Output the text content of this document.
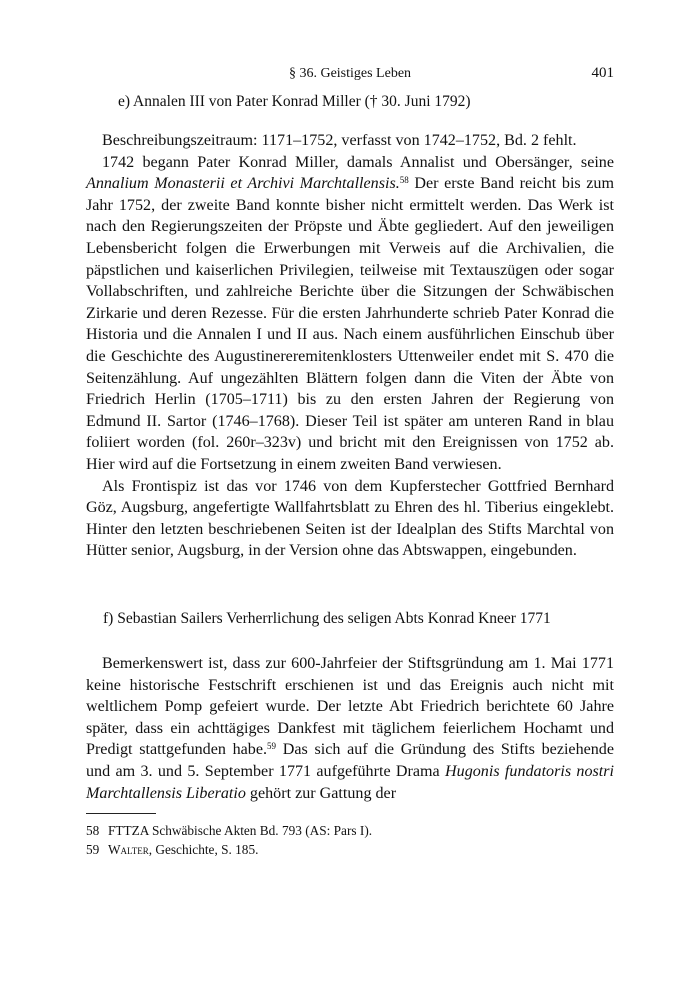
§ 36. Geistiges Leben	401
e) Annalen III von Pater Konrad Miller († 30. Juni 1792)

Beschreibungszeitraum: 1171–1752, verfasst von 1742–1752, Bd. 2 fehlt.

1742 begann Pater Konrad Miller, damals Annalist und Obersänger, seine Annalium Monasterii et Archivi Marchtallensis.$^{58}$ Der erste Band reicht bis zum Jahr 1752, der zweite Band konnte bisher nicht ermittelt werden. Das Werk ist nach den Regierungszeiten der Pröpste und Äbte gegliedert. Auf den jeweiligen Lebensbericht folgen die Erwerbungen mit Verweis auf die Archivalien, die päpstlichen und kaiserlichen Privilegien, teilweise mit Textauszügen oder sogar Vollabschriften, und zahlreiche Berichte über die Sitzungen der Schwäbischen Zirkarie und deren Rezesse. Für die ersten Jahrhunderte schrieb Pater Konrad die Historia und die Annalen I und II aus. Nach einem ausführlichen Einschub über die Geschichte des Augustinereremitenklosters Uttenweiler endet mit S. 470 die Seitenzählung. Auf ungezählten Blättern folgen dann die Viten der Äbte von Friedrich Herlin (1705–1711) bis zu den ersten Jahren der Regierung von Edmund II. Sartor (1746–1768). Dieser Teil ist später am unteren Rand in blau foliiert worden (fol. 260r–323v) und bricht mit den Ereignissen von 1752 ab. Hier wird auf die Fortsetzung in einem zweiten Band verwiesen.

Als Frontispiz ist das vor 1746 von dem Kupferstecher Gottfried Bernhard Göz, Augsburg, angefertigte Wallfahrtsblatt zu Ehren des hl. Tiberius eingeklebt. Hinter den letzten beschriebenen Seiten ist der Idealplan des Stifts Marchtal von Hütter senior, Augsburg, in der Version ohne das Abtswappen, eingebunden.

f) Sebastian Sailers Verherrlichung des seligen Abts Konrad Kneer 1771

Bemerkenswert ist, dass zur 600-Jahrfeier der Stiftsgründung am 1. Mai 1771 keine historische Festschrift erschienen ist und das Ereignis auch nicht mit weltlichem Pomp gefeiert wurde. Der letzte Abt Friedrich berichtete 60 Jahre später, dass ein achttägiges Dankfest mit täglichem feierlichem Hochamt und Predigt stattgefunden habe.$^{59}$ Das sich auf die Gründung des Stifts beziehende und am 3. und 5. September 1771 aufgeführte Drama Hugonis fundatoris nostri Marchtallensis Liberatio gehört zur Gattung der

58 FTTZA Schwäbische Akten Bd. 793 (AS: Pars I).
59 Walter, Geschichte, S. 185.
